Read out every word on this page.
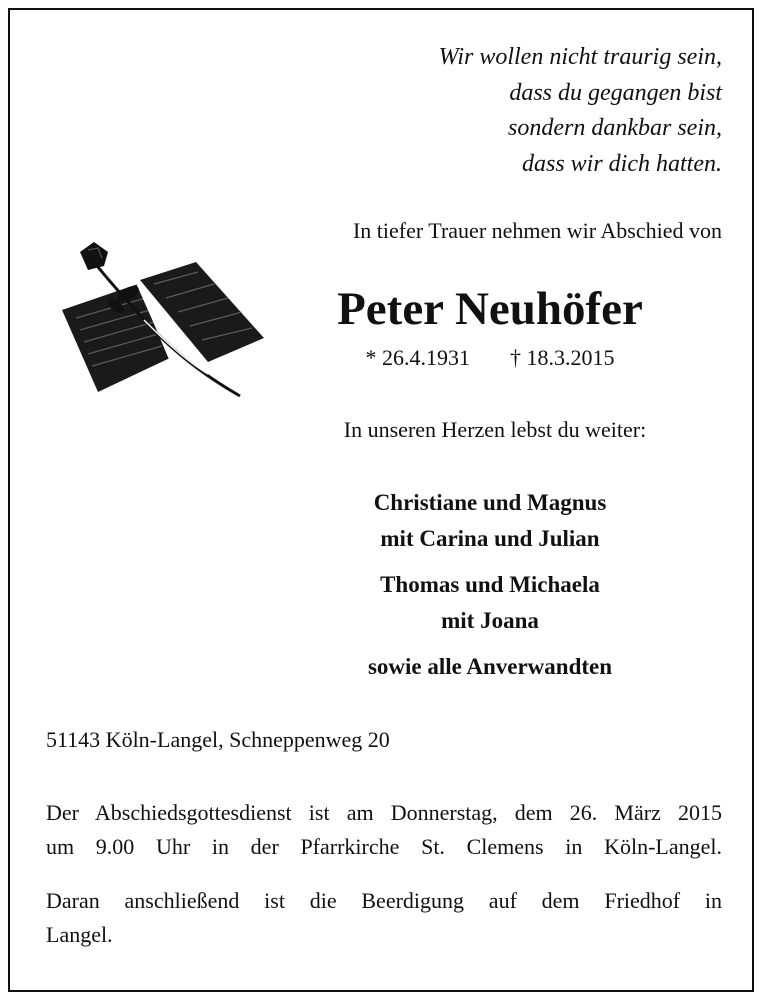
Wir wollen nicht traurig sein,
dass du gegangen bist
sondern dankbar sein,
dass wir dich hatten.
In tiefer Trauer nehmen wir Abschied von
Peter Neuhöfer
* 26.4.1931 † 18.3.2015
In unseren Herzen lebst du weiter:
Christiane und Magnus
mit Carina und Julian
Thomas und Michaela
mit Joana
sowie alle Anverwandten
51143 Köln-Langel, Schneppenweg 20
Der Abschiedsgottesdienst ist am Donnerstag, dem 26. März 2015
um 9.00 Uhr in der Pfarrkirche St. Clemens in Köln-Langel.
Daran anschließend ist die Beerdigung auf dem Friedhof in
Langel.
